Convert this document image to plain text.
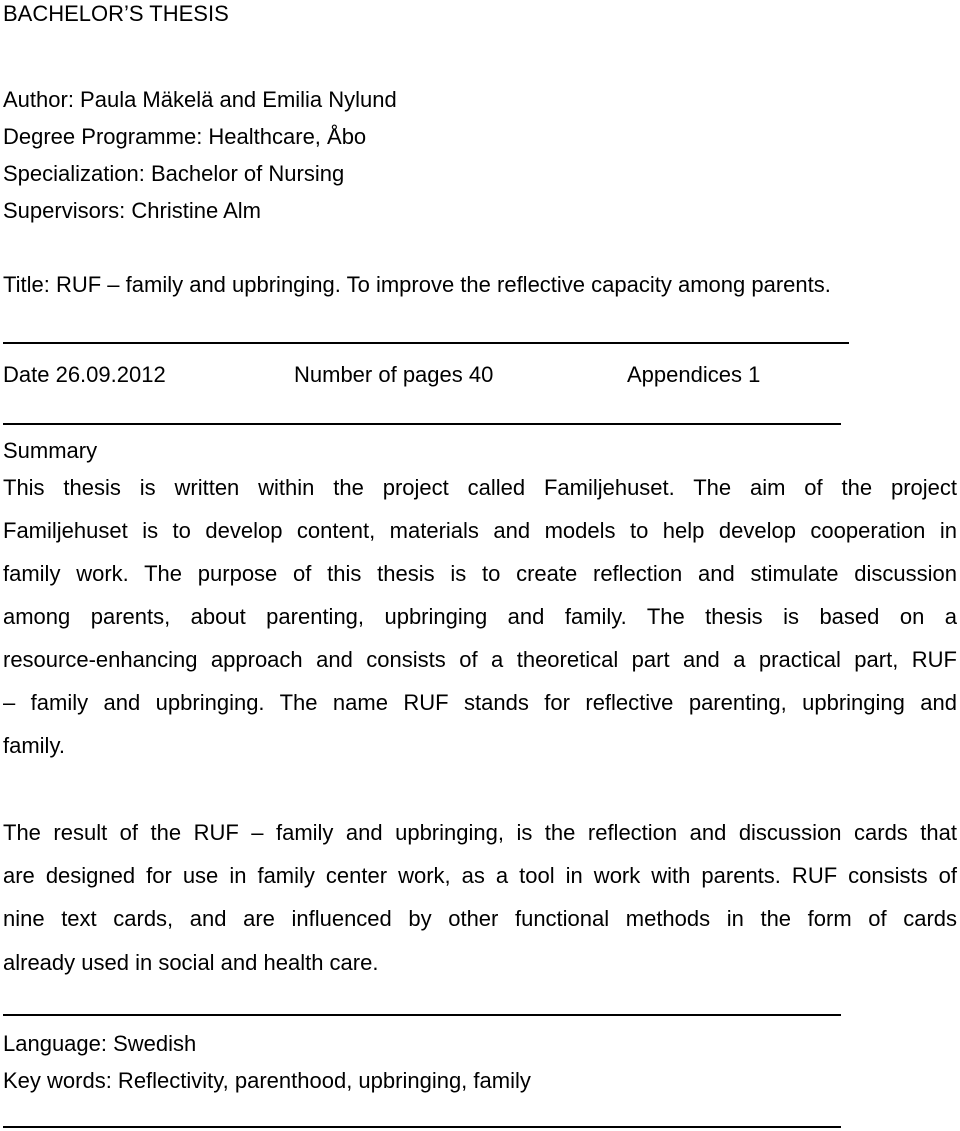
BACHELOR’S THESIS
Author: Paula Mäkelä and Emilia Nylund
Degree Programme: Healthcare, Åbo
Specialization: Bachelor of Nursing
Supervisors: Christine Alm
Title: RUF – family and upbringing. To improve the reflective capacity among parents.
Date 26.09.2012	Number of pages 40	Appendices 1
Summary
This thesis is written within the project called Familjehuset. The aim of the project
Familjehuset is to develop content, materials and models to help develop cooperation in
family work. The purpose of this thesis is to create reflection and stimulate discussion
among parents, about parenting, upbringing and family. The thesis is based on a
resource-enhancing approach and consists of a theoretical part and a practical part, RUF
– family and upbringing. The name RUF stands for reflective parenting, upbringing and
family.
The result of the RUF – family and upbringing, is the reflection and discussion cards that
are designed for use in family center work, as a tool in work with parents. RUF consists of
nine text cards, and are influenced by other functional methods in the form of cards
already used in social and health care.
Language: Swedish
Key words: Reflectivity, parenthood, upbringing, family
